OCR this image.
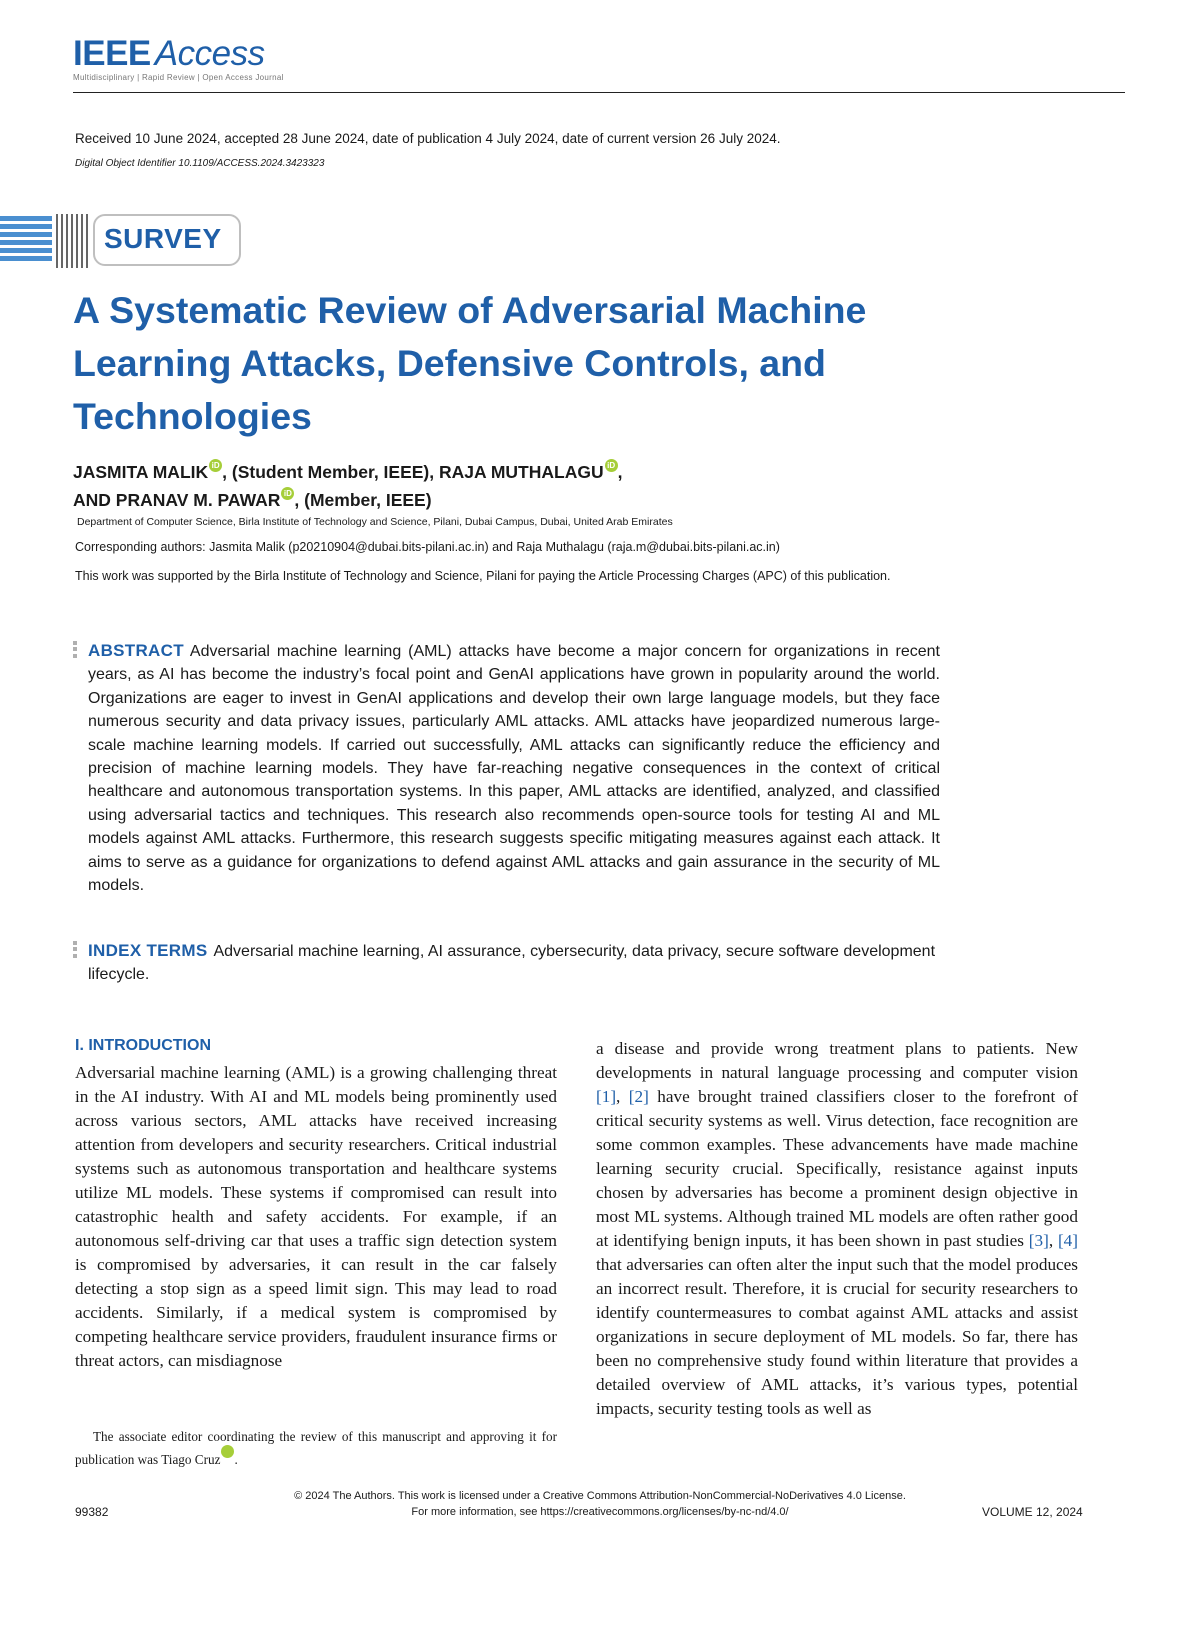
IEEE Access
Multidisciplinary | Rapid Review | Open Access Journal
Received 10 June 2024, accepted 28 June 2024, date of publication 4 July 2024, date of current version 26 July 2024.
Digital Object Identifier 10.1109/ACCESS.2024.3423323
SURVEY
A Systematic Review of Adversarial Machine Learning Attacks, Defensive Controls, and Technologies
JASMITA MALIK iD , (Student Member, IEEE), RAJA MUTHALAGU iD ,
AND PRANAV M. PAWAR iD , (Member, IEEE)
Department of Computer Science, Birla Institute of Technology and Science, Pilani, Dubai Campus, Dubai, United Arab Emirates
Corresponding authors: Jasmita Malik (p20210904@dubai.bits-pilani.ac.in) and Raja Muthalagu (raja.m@dubai.bits-pilani.ac.in)
This work was supported by the Birla Institute of Technology and Science, Pilani for paying the Article Processing Charges (APC) of this publication.
ABSTRACT Adversarial machine learning (AML) attacks have become a major concern for organizations in recent years, as AI has become the industry’s focal point and GenAI applications have grown in popularity around the world. Organizations are eager to invest in GenAI applications and develop their own large language models, but they face numerous security and data privacy issues, particularly AML attacks. AML attacks have jeopardized numerous large-scale machine learning models. If carried out successfully, AML attacks can significantly reduce the efficiency and precision of machine learning models. They have far-reaching negative consequences in the context of critical healthcare and autonomous transportation systems. In this paper, AML attacks are identified, analyzed, and classified using adversarial tactics and techniques. This research also recommends open-source tools for testing AI and ML models against AML attacks. Furthermore, this research suggests specific mitigating measures against each attack. It aims to serve as a guidance for organizations to defend against AML attacks and gain assurance in the security of ML models.
INDEX TERMS Adversarial machine learning, AI assurance, cybersecurity, data privacy, secure software development lifecycle.
I. INTRODUCTION
Adversarial machine learning (AML) is a growing challenging threat in the AI industry. With AI and ML models being prominently used across various sectors, AML attacks have received increasing attention from developers and security researchers. Critical industrial systems such as autonomous transportation and healthcare systems utilize ML models. These systems if compromised can result into catastrophic health and safety accidents. For example, if an autonomous self-driving car that uses a traffic sign detection system is compromised by adversaries, it can result in the car falsely detecting a stop sign as a speed limit sign. This may lead to road accidents. Similarly, if a medical system is compromised by competing healthcare service providers, fraudulent insurance firms or threat actors, can misdiagnose
a disease and provide wrong treatment plans to patients. New developments in natural language processing and computer vision [1], [2] have brought trained classifiers closer to the forefront of critical security systems as well. Virus detection, face recognition are some common examples. These advancements have made machine learning security crucial. Specifically, resistance against inputs chosen by adversaries has become a prominent design objective in most ML systems. Although trained ML models are often rather good at identifying benign inputs, it has been shown in past studies [3], [4] that adversaries can often alter the input such that the model produces an incorrect result. Therefore, it is crucial for security researchers to identify countermeasures to combat against AML attacks and assist organizations in secure deployment of ML models. So far, there has been no comprehensive study found within literature that provides a detailed overview of AML attacks, it’s various types, potential impacts, security testing tools as well as
The associate editor coordinating the review of this manuscript and approving it for publication was Tiago CruziD.
99382
© 2024 The Authors. This work is licensed under a Creative Commons Attribution-NonCommercial-NoDerivatives 4.0 License.
For more information, see https://creativecommons.org/licenses/by-nc-nd/4.0/	VOLUME 12, 2024
